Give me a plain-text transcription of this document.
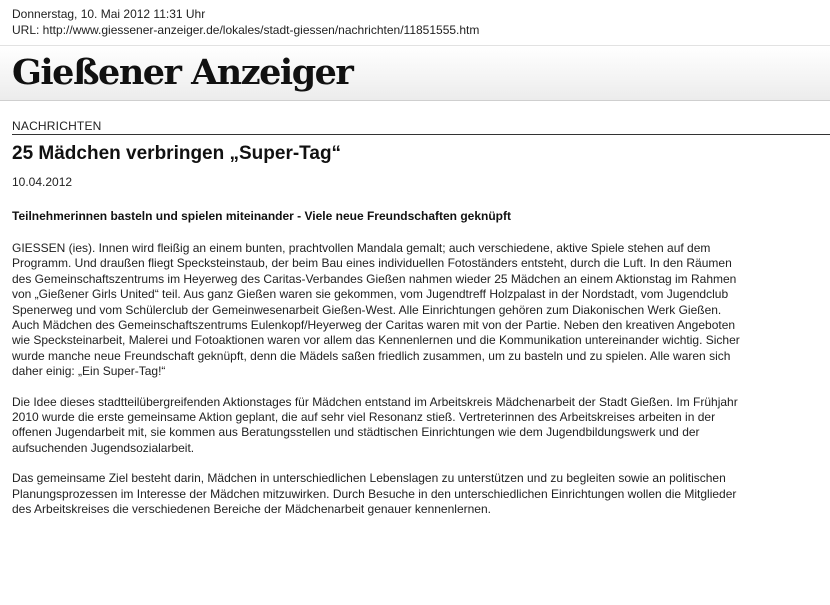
Donnerstag, 10. Mai 2012 11:31 Uhr
URL: http://www.giessener-anzeiger.de/lokales/stadt-giessen/nachrichten/11851555.htm
Gießener Anzeiger
NACHRICHTEN
25 Mädchen verbringen „Super-Tag“
10.04.2012
Teilnehmerinnen basteln und spielen miteinander - Viele neue Freundschaften geknüpft

GIESSEN (ies). Innen wird fleißig an einem bunten, prachtvollen Mandala gemalt; auch verschiedene, aktive Spiele stehen auf dem Programm. Und draußen fliegt Specksteinstaub, der beim Bau eines individuellen Fotoständers entsteht, durch die Luft. In den Räumen des Gemeinschaftszentrums im Heyerweg des Caritas-Verbandes Gießen nahmen wieder 25 Mädchen an einem Aktionstag im Rahmen von „Gießener Girls United“ teil. Aus ganz Gießen waren sie gekommen, vom Jugendtreff Holzpalast in der Nordstadt, vom Jugendclub Spenerweg und vom Schülerclub der Gemeinwesenarbeit Gießen-West. Alle Einrichtungen gehören zum Diakonischen Werk Gießen. Auch Mädchen des Gemeinschaftszentrums Eulenkopf/Heyerweg der Caritas waren mit von der Partie. Neben den kreativen Angeboten wie Specksteinarbeit, Malerei und Fotoaktionen waren vor allem das Kennenlernen und die Kommunikation untereinander wichtig. Sicher wurde manche neue Freundschaft geknüpft, denn die Mädels saßen friedlich zusammen, um zu basteln und zu spielen. Alle waren sich daher einig: „Ein Super-Tag!“

Die Idee dieses stadtteilübergreifenden Aktionstages für Mädchen entstand im Arbeitskreis Mädchenarbeit der Stadt Gießen. Im Frühjahr 2010 wurde die erste gemeinsame Aktion geplant, die auf sehr viel Resonanz stieß. Vertreterinnen des Arbeitskreises arbeiten in der offenen Jugendarbeit mit, sie kommen aus Beratungsstellen und städtischen Einrichtungen wie dem Jugendbildungswerk und der aufsuchenden Jugendsozialarbeit.

Das gemeinsame Ziel besteht darin, Mädchen in unterschiedlichen Lebenslagen zu unterstützen und zu begleiten sowie an politischen Planungsprozessen im Interesse der Mädchen mitzuwirken. Durch Besuche in den unterschiedlichen Einrichtungen wollen die Mitglieder des Arbeitskreises die verschiedenen Bereiche der Mädchenarbeit genauer kennenlernen.
